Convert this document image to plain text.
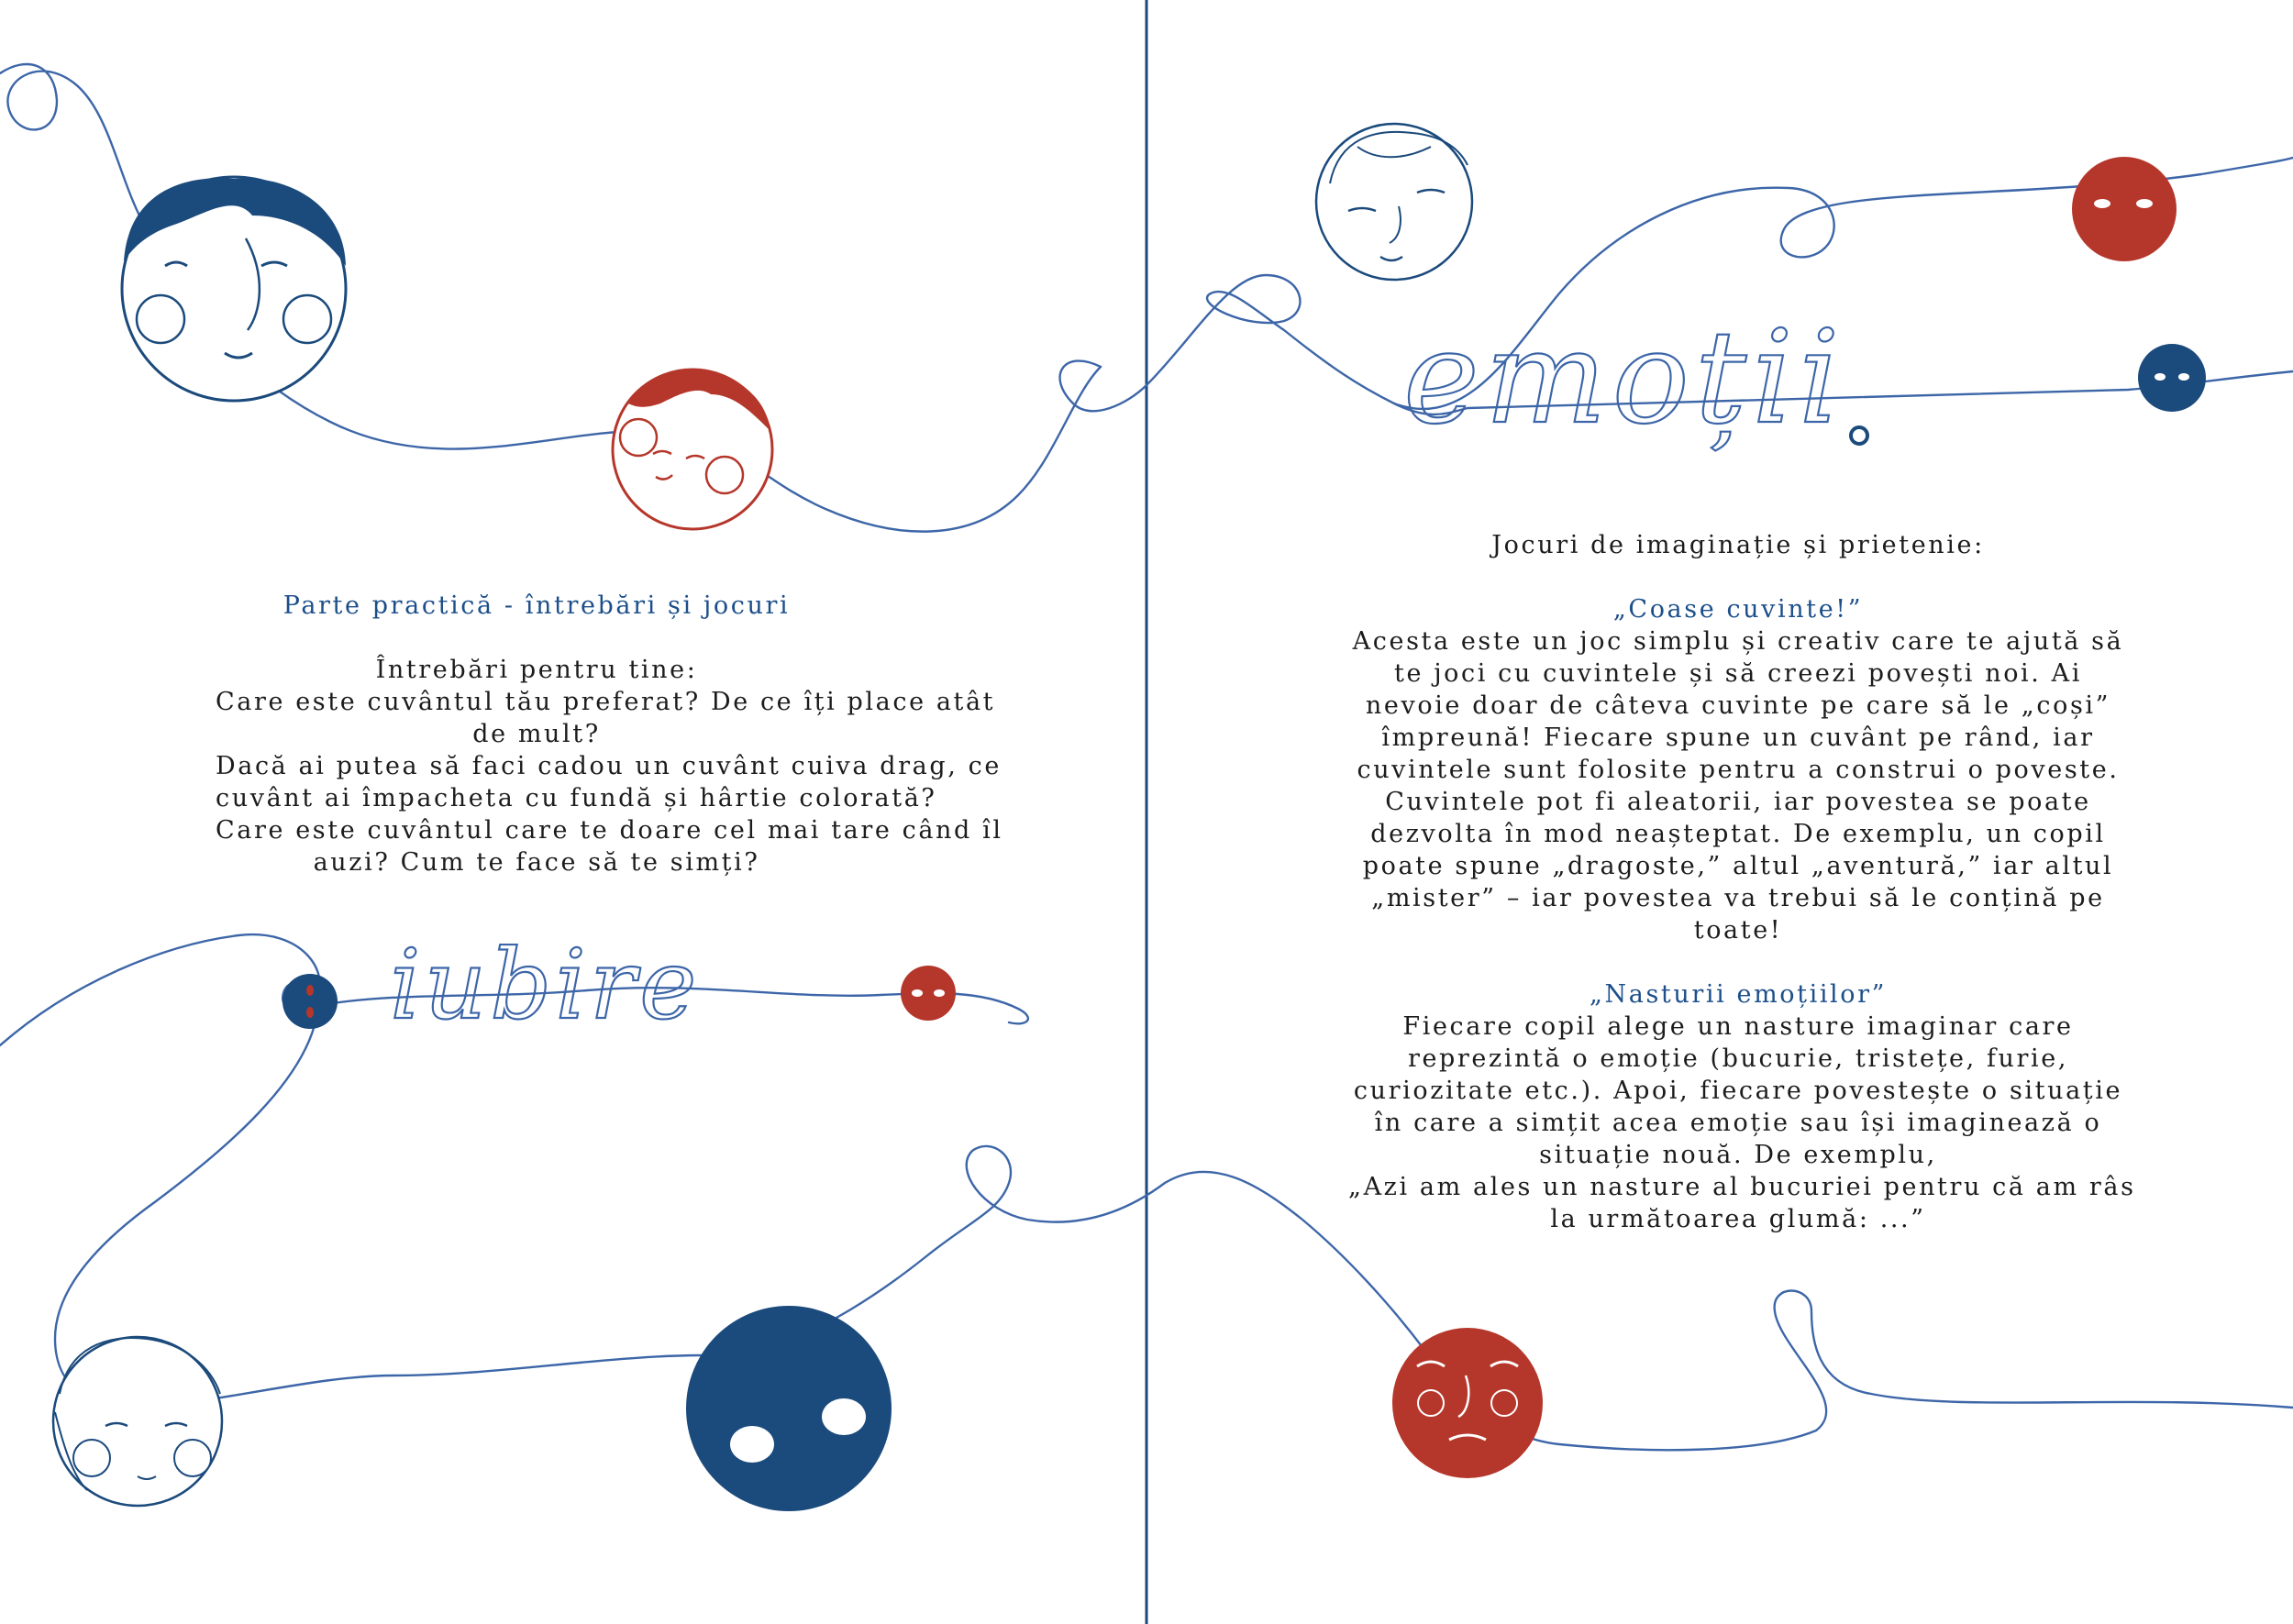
iubire
emoții
Parte practică - întrebări și jocuri
Întrebări pentru tine:
Care este cuvântul tău preferat? De ce îți place atât
de mult?
Dacă ai putea să faci cadou un cuvânt cuiva drag, ce
cuvânt ai împacheta cu fundă și hârtie colorată?
Care este cuvântul care te doare cel mai tare când îl
auzi? Cum te face să te simți?
Jocuri de imaginație și prietenie:
„Coase cuvinte!”
Acesta este un joc simplu și creativ care te ajută să
te joci cu cuvintele și să creezi povești noi. Ai
nevoie doar de câteva cuvinte pe care să le „coși”
împreună! Fiecare spune un cuvânt pe rând, iar
cuvintele sunt folosite pentru a construi o poveste.
Cuvintele pot fi aleatorii, iar povestea se poate
dezvolta în mod neașteptat. De exemplu, un copil
poate spune „dragoste,” altul „aventură,” iar altul
„mister” – iar povestea va trebui să le conțină pe
toate!
„Nasturii emoțiilor”
Fiecare copil alege un nasture imaginar care
reprezintă o emoție (bucurie, tristețe, furie,
curiozitate etc.). Apoi, fiecare povestește o situație
în care a simțit acea emoție sau își imaginează o
situație nouă. De exemplu,
„Azi am ales un nasture al bucuriei pentru că am râs
la următoarea glumă: ...”
